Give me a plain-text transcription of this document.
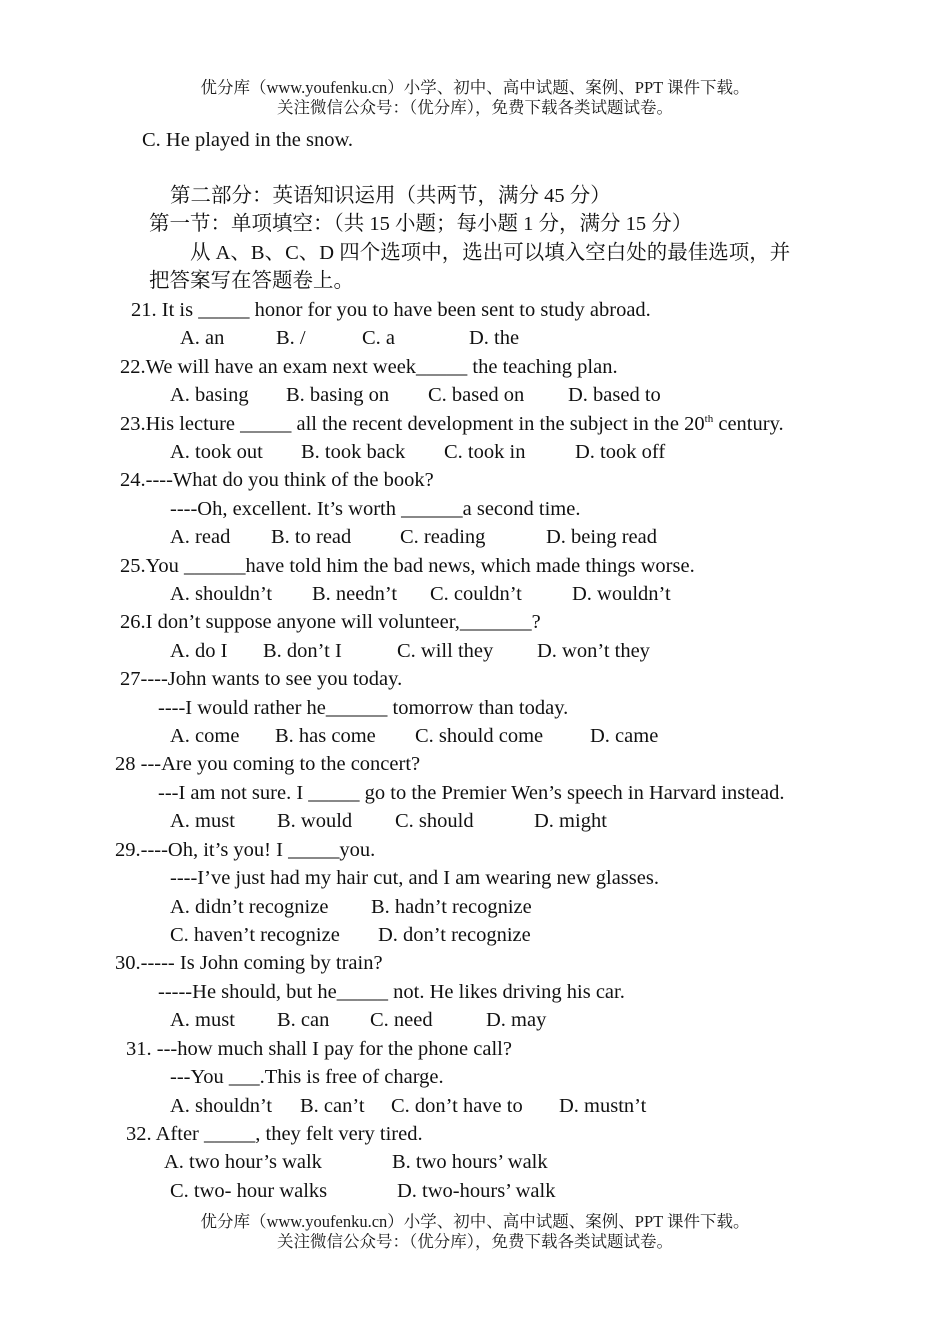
优分库（www.youfenku.cn）小学、初中、高中试题、案例、PPT 课件下载。
关注微信公众号：（优分库），免费下载各类试题试卷。
C. He played in the snow.
第二部分：英语知识运用（共两节，满分 45 分）
第一节：单项填空：（共 15 小题；每小题 1 分，满分 15 分）
从 A、B、C、D 四个选项中，选出可以填入空白处的最佳选项，并
把答案写在答题卷上。
21. It is _____ honor for you to have been sent to study abroad.
A. an	B. /	C. a	D. the
22.We will have an exam next week_____ the teaching plan.
A. basing B. basing on C. based on D. based to
23.His lecture _____ all the recent development in the subject in the 20th century.
A. took out B. took back C. took in D. took off
24.----What do you think of the book?
----Oh, excellent. It’s worth ______a second time.
A. read B. to read C. reading	D. being read
25.You ______have told him the bad news, which made things worse.
A. shouldn’t B. needn’t C. couldn’t D. wouldn’t
26.I don’t suppose anyone will volunteer,_______?
A. do I B. don’t I	C. will they D. won’t they
27----John wants to see you today.
----I would rather he______ tomorrow than today.
A. come B. has come C. should come D. came
28 ---Are you coming to the concert?
---I am not sure. I _____ go to the Premier Wen’s speech in Harvard instead.
A. must B. would C. should	D. might
29.----Oh, it’s you! I _____you.
----I’ve just had my hair cut, and I am wearing new glasses.
A. didn’t recognize B. hadn’t recognize
C. haven’t recognize D. don’t recognize
30.----- Is John coming by train?
-----He should, but he_____ not. He likes driving his car.
A. must B. can C. need	D. may
31. ---how much shall I pay for the phone call?
---You ___.This is free of charge.
A. shouldn’t B. can’t C. don’t have to D. mustn’t
32. After _____, they felt very tired.
A. two hour’s walk	B. two hours’ walk
C. two- hour walks	D. two-hours’ walk
优分库（www.youfenku.cn）小学、初中、高中试题、案例、PPT 课件下载。
关注微信公众号：（优分库），免费下载各类试题试卷。
